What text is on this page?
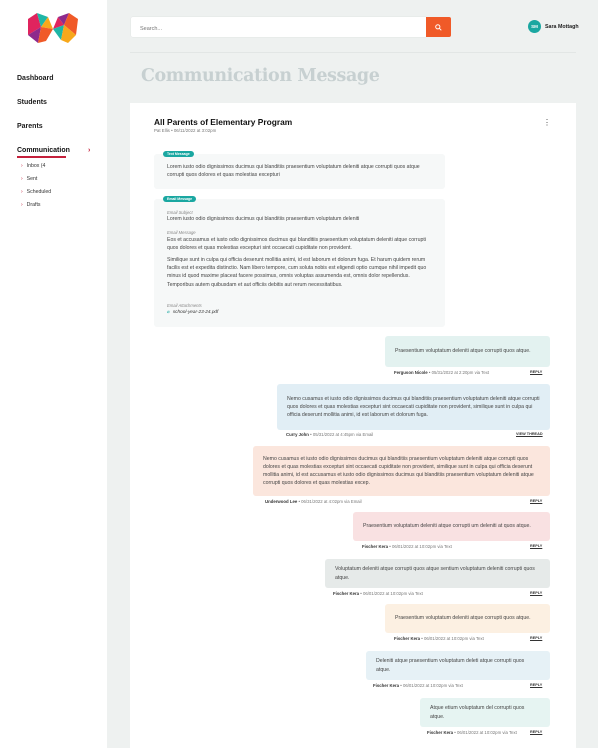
Dashboard
Students
Parents
Communication	›
› Inbox (4
› Sent
› Scheduled
› Drafts
Search...
SM	Sara Mottagh
Communication Message
All Parents of Elementary Program
Pat Ellis • 06/11/2022 at 3:02pm
⋮
Text Message
Lorem iusto odio dignissimos ducimus qui blanditiis praesentium voluptatum deleniti atque corrupti quos atque corrupti quos dolores et quas molestias excepturi
Email Message
Email Subject
Lorem iusto odio dignissimos ducimus qui blanditiis praesentium voluptatum deleniti
Email Message
Eos et accusamus et iusto odio dignissimos ducimus qui blanditiis praesentium voluptatum deleniti atque corrupti quos dolores et quas molestias excepturi sint occaecati cupiditate non provident.
Similique sunt in culpa qui officia deserunt mollitia animi, id est laborum et dolorum fuga. Et harum quidem rerum facilis est et expedita distinctio. Nam libero tempore, cum soluta nobis est eligendi optio cumque nihil impedit quo minus id quod maxime placeat facere possimus, omnis voluptas assumenda est, omnis dolor repellendus. Temporibus autem quibusdam et aut officiis debitis aut rerum necessitatibus.
Email Attachments
⌀ school-year-23-24.pdf
Praesentium voluptatum deleniti atque corrupti quos atque.
Ferguson Nicole • 05/31/2022 at 2:20pm via Text	REPLY
Nemo cusamus et iusto odio dignissimos ducimus qui blanditiis praesentium voluptatum deleniti atque corrupti quos dolores et quas molestias excepturi sint occaecati cupiditate non provident, similique sunt in culpa qui officia deserunt mollitia animi, id est laborum et dolorum fuga.
Curry John • 05/31/2022 at 4:45pm via Email	VIEW THREAD
Nemo cusamus et iusto odio dignissimos ducimus qui blanditiis praesentium voluptatum deleniti atque corrupti quos dolores et quas molestias excepturi sint occaecati cupiditate non provident, similique sunt in culpa qui officia deserunt mollitia animi, id est accusamus et iusto odio dignissimos ducimus qui blanditiis praesentium voluptatum deleniti atque corrupti quos dolores et quas molestias excep.
Underwood Lee • 06/31/2022 at 4:02pm via Email	REPLY
Praesentium voluptatum deleniti atque corrupti um deleniti at quos atque.
Fischer Kera • 06/01/2022 at 10:02pm via Text	REPLY
Voluptatum deleniti atque corrupti quos atque sentium voluptatum deleniti corrupti quos atque.
Fischer Kera • 06/01/2022 at 10:02pm via Text	REPLY
Praesentium voluptatum deleniti atque corrupti quos atque.
Fischer Kera • 06/01/2022 at 10:02pm via Text	REPLY
Deleniti atque praesentium voluptatum deleti atque corrupti quos atque.
Fischer Kera • 06/01/2022 at 10:02pm via Text	REPLY
Atque etium voluptatum del corrupti quos atque.
Fischer Kera • 06/01/2022 at 10:02pm via Text	REPLY
